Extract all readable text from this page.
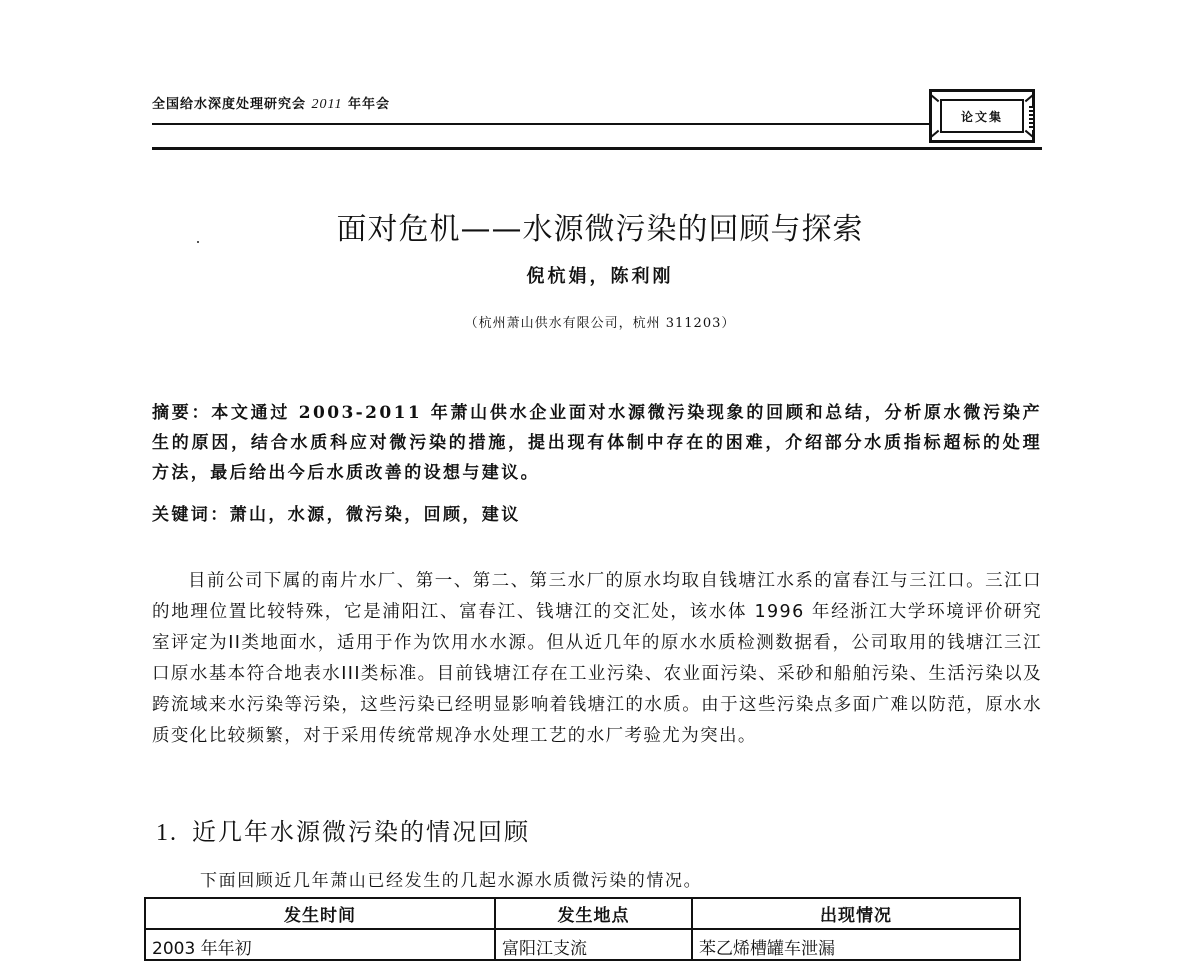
全国给水深度处理研究会 2011 年年会
论文集
面对危机——水源微污染的回顾与探索
倪杭娟，陈利刚
（杭州萧山供水有限公司，杭州 311203）
摘要：本文通过 2003-2011 年萧山供水企业面对水源微污染现象的回顾和总结，分析原水微污染产生的原因，结合水质科应对微污染的措施，提出现有体制中存在的困难，介绍部分水质指标超标的处理方法，最后给出今后水质改善的设想与建议。
关键词：萧山，水源，微污染，回顾，建议
目前公司下属的南片水厂、第一、第二、第三水厂的原水均取自钱塘江水系的富春江与三江口。三江口的地理位置比较特殊，它是浦阳江、富春江、钱塘江的交汇处，该水体 1996 年经浙江大学环境评价研究室评定为II类地面水，适用于作为饮用水水源。但从近几年的原水水质检测数据看，公司取用的钱塘江三江口原水基本符合地表水III类标准。目前钱塘江存在工业污染、农业面污染、采砂和船舶污染、生活污染以及跨流域来水污染等污染，这些污染已经明显影响着钱塘江的水质。由于这些污染点多面广难以防范，原水水质变化比较频繁，对于采用传统常规净水处理工艺的水厂考验尤为突出。
1. 近几年水源微污染的情况回顾
下面回顾近几年萧山已经发生的几起水源水质微污染的情况。
发生时间	发生地点	出现情况
2003 年年初	富阳江支流	苯乙烯槽罐车泄漏
